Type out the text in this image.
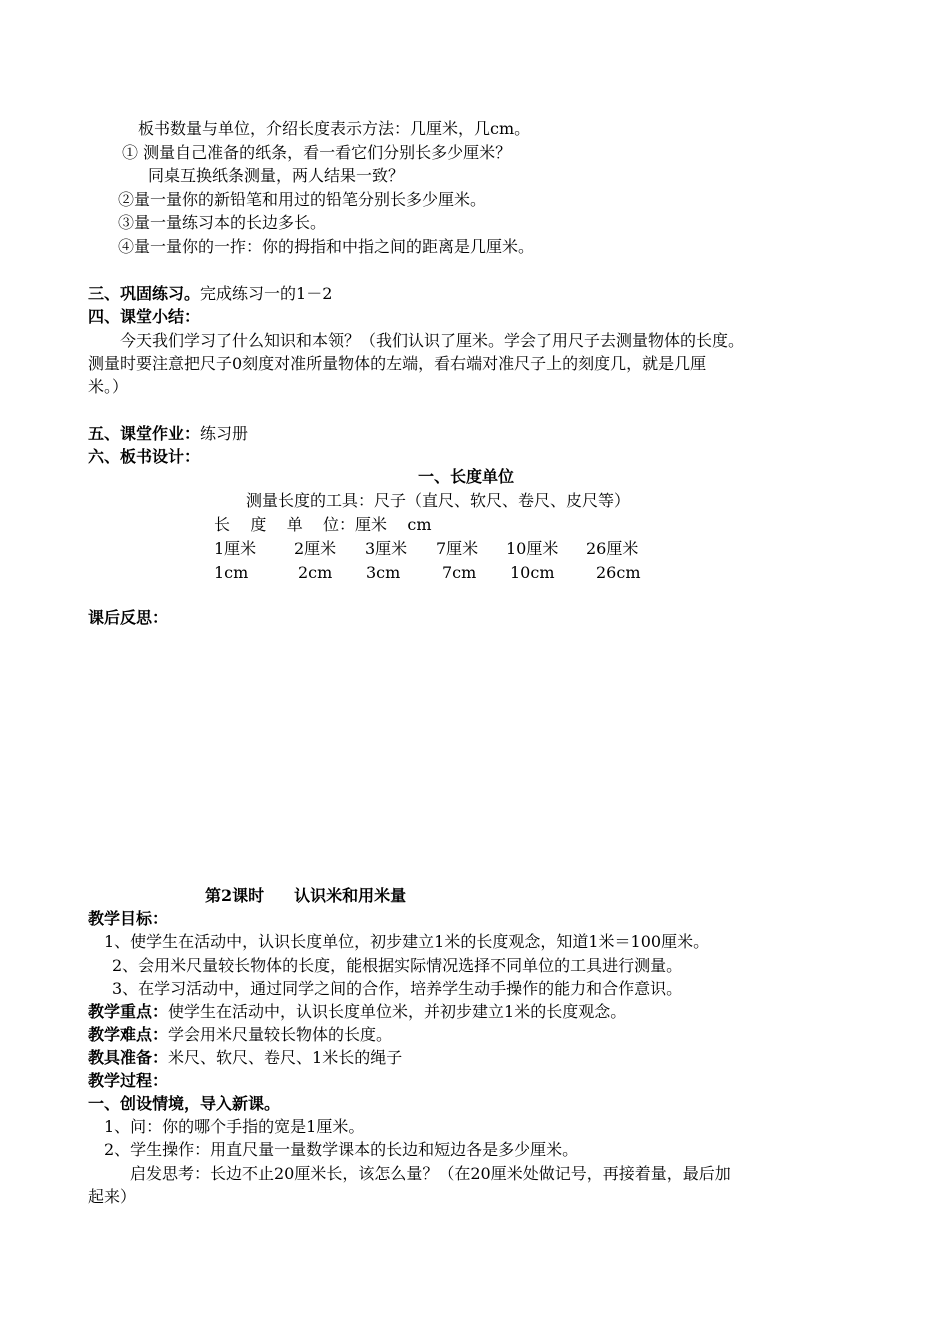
板书数量与单位，介绍长度表示方法：几厘米，几cm。

① 测量自己准备的纸条，看一看它们分别长多少厘米？

同桌互换纸条测量，两人结果一致？

②量一量你的新铅笔和用过的铅笔分别长多少厘米。

③量一量练习本的长边多长。

④量一量你的一拃：你的拇指和中指之间的距离是几厘米。

三、巩固练习。完成练习一的1－2

四、课堂小结：

今天我们学习了什么知识和本领？（我们认识了厘米。学会了用尺子去测量物体的长度。

测量时要注意把尺子0刻度对准所量物体的左端，看右端对准尺子上的刻度几，就是几厘

米。）

五、课堂作业：练习册

六、板书设计：

一、长度单位

测量长度的工具：尺子（直尺、软尺、卷尺、皮尺等）

长    度    单    位：厘米    cm

1厘米 2厘米 3厘米 7厘米 10厘米 26厘米
1cm	2cm 3cm	7cm 10cm	26cm

课后反思：

第2课时 认识米和用米量

教学目标：

1、使学生在活动中，认识长度单位，初步建立1米的长度观念，知道1米＝100厘米。

2、会用米尺量较长物体的长度，能根据实际情况选择不同单位的工具进行测量。

3、在学习活动中，通过同学之间的合作，培养学生动手操作的能力和合作意识。

教学重点：使学生在活动中，认识长度单位米，并初步建立1米的长度观念。

教学难点：学会用米尺量较长物体的长度。

教具准备：米尺、软尺、卷尺、1米长的绳子

教学过程：

一、创设情境，导入新课。

1、问：你的哪个手指的宽是1厘米。

2、学生操作：用直尺量一量数学课本的长边和短边各是多少厘米。

启发思考：长边不止20厘米长，该怎么量？（在20厘米处做记号，再接着量，最后加

起来）
